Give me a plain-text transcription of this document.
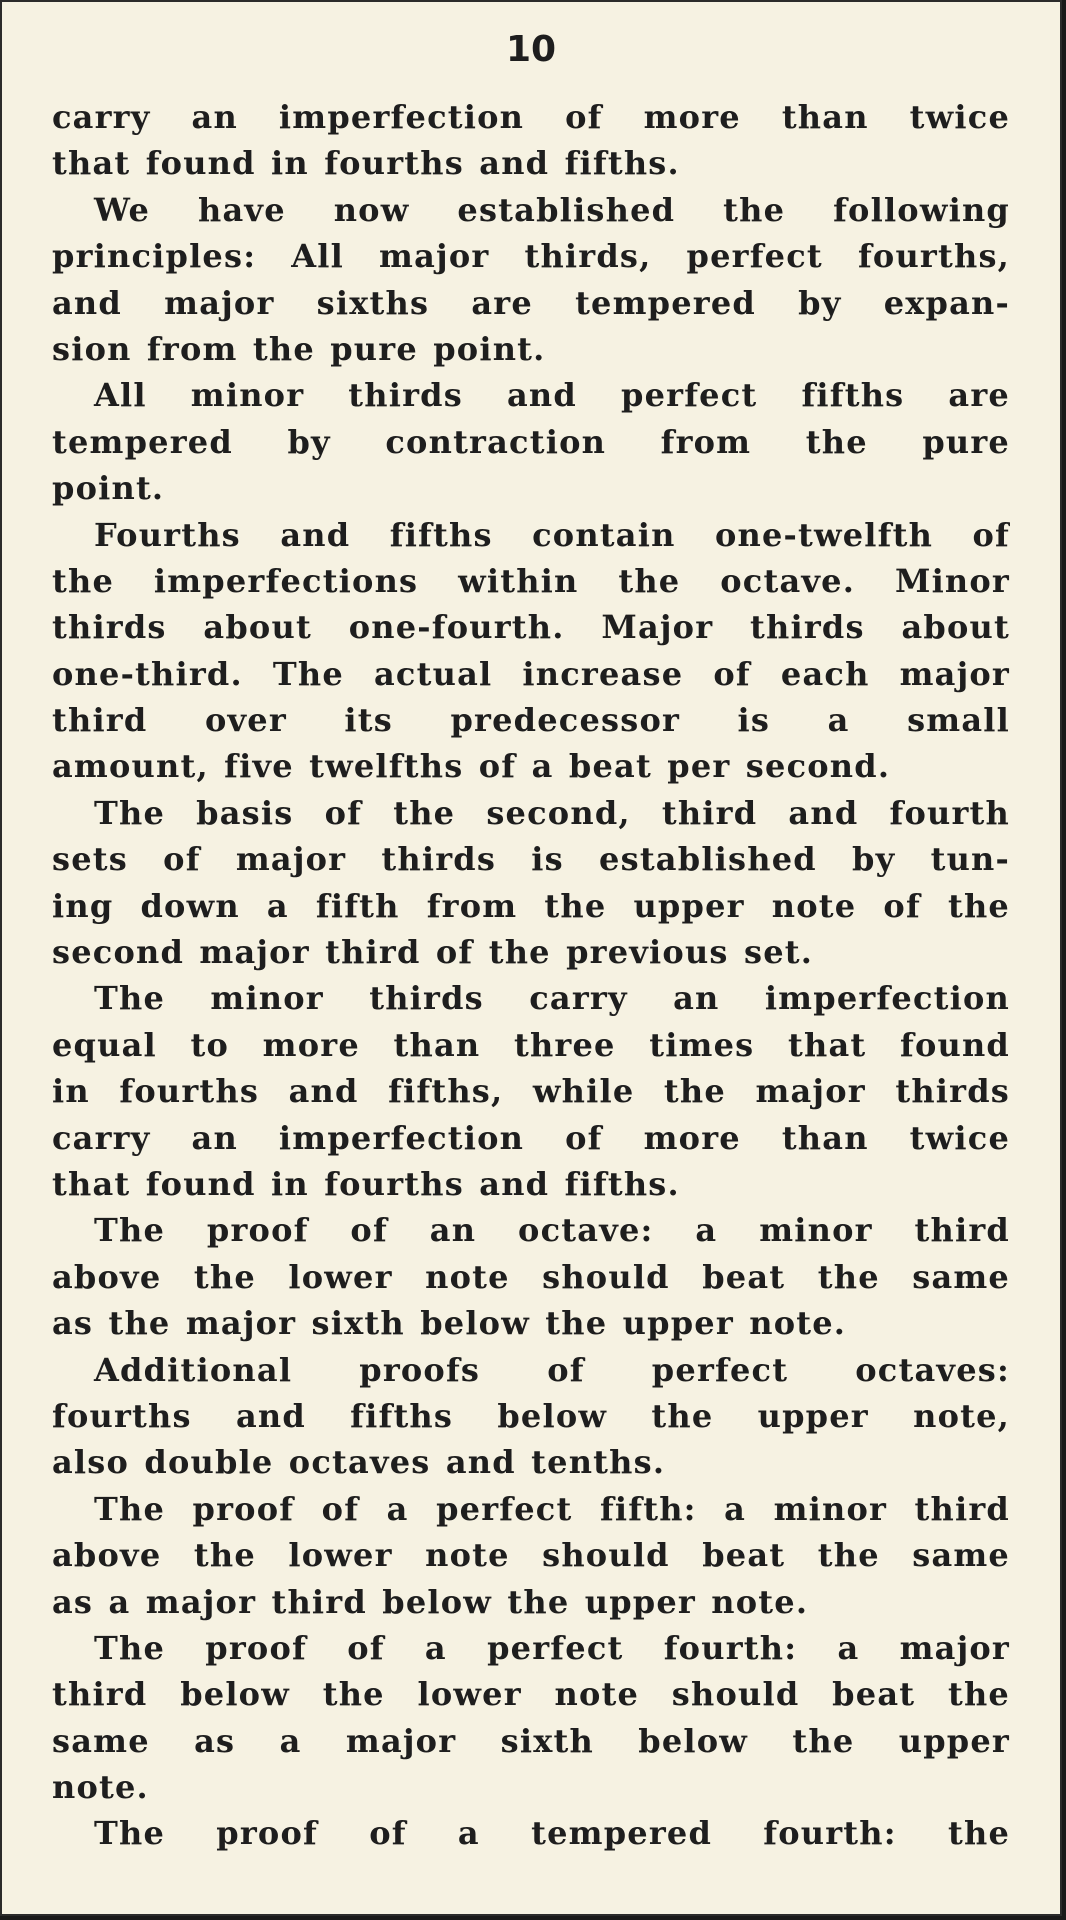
10
carry an imperfection of more than twice
that found in fourths and fifths.
We have now established the following
principles: All major thirds, perfect fourths,
and major sixths are tempered by expan-
sion from the pure point.
All minor thirds and perfect fifths are
tempered by contraction from the pure
point.
Fourths and fifths contain one-twelfth of
the imperfections within the octave. Minor
thirds about one-fourth. Major thirds about
one-third. The actual increase of each major
third over its predecessor is a small
amount, five twelfths of a beat per second.
The basis of the second, third and fourth
sets of major thirds is established by tun-
ing down a fifth from the upper note of the
second major third of the previous set.
The minor thirds carry an imperfection
equal to more than three times that found
in fourths and fifths, while the major thirds
carry an imperfection of more than twice
that found in fourths and fifths.
The proof of an octave: a minor third
above the lower note should beat the same
as the major sixth below the upper note.
Additional proofs of perfect octaves:
fourths and fifths below the upper note,
also double octaves and tenths.
The proof of a perfect fifth: a minor third
above the lower note should beat the same
as a major third below the upper note.
The proof of a perfect fourth: a major
third below the lower note should beat the
same as a major sixth below the upper
note.
The proof of a tempered fourth: the
